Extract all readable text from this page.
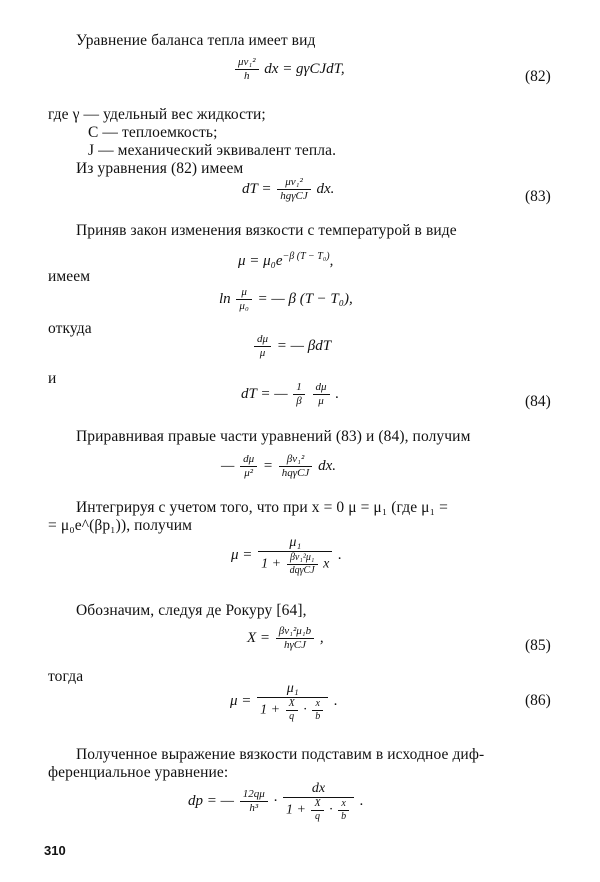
Уравнение баланса тепла имеет вид
$\frac{\text{μv₁²}}{h}$ dx = gγCJdT,	(82)
где γ — удельный вес жидкости;
C — теплоемкость;
J — механический эквивалент тепла.
Из уравнения (82) имеем
dT = $\frac{\text{μv₁²}}{\text{hgγCJ}}$ dx.	(83)
Приняв закон изменения вязкости с температурой в виде
$\mu = \mu_0e^{-\beta (T - T_0)}$,
имеем
$\ln \frac{\mu}{\text{μ₀}}$ = — β (T − T₀),
откуда
$\frac{d\mu}{\mu}$ = — βdT
и
dT = — $\frac{1}{\beta}$
$\frac{d\mu}{\mu}$ .	(84)
Приравнивая правые части уравнений (83) и (84), получим
— $\frac{d\mu}{\text{μ²}} = \frac{\text{βv₁²}}{\text{hqγCJ}}$ dx.
Интегрируя с учетом того, что при x = 0 μ = μ₁ (где μ₁ =
= μ₀e^(βp₁)), получим
$\mu = \frac{\text{μ₁}}{1 + \frac{\text{βv₁²μ₁}}{\text{dqγCJ}} x}$ .
Обозначим, следуя де Рокуру [64],
$X = \frac{\text{βv₁²μ₁b}}{\text{hγCJ}}$ ,	(85)
тогда
$\mu = \frac{\text{μ₁}}{1 + \frac{X}{q} \cdot \frac{x}{b}}$ .	(86)
Полученное выражение вязкости подставим в исходное диф-
ференциальное уравнение:
dp = — $\frac{12q\mu}{\text{h³}} \cdot \frac{dx}{1 + \frac{X}{q} \cdot \frac{x}{b}}$ .
310
